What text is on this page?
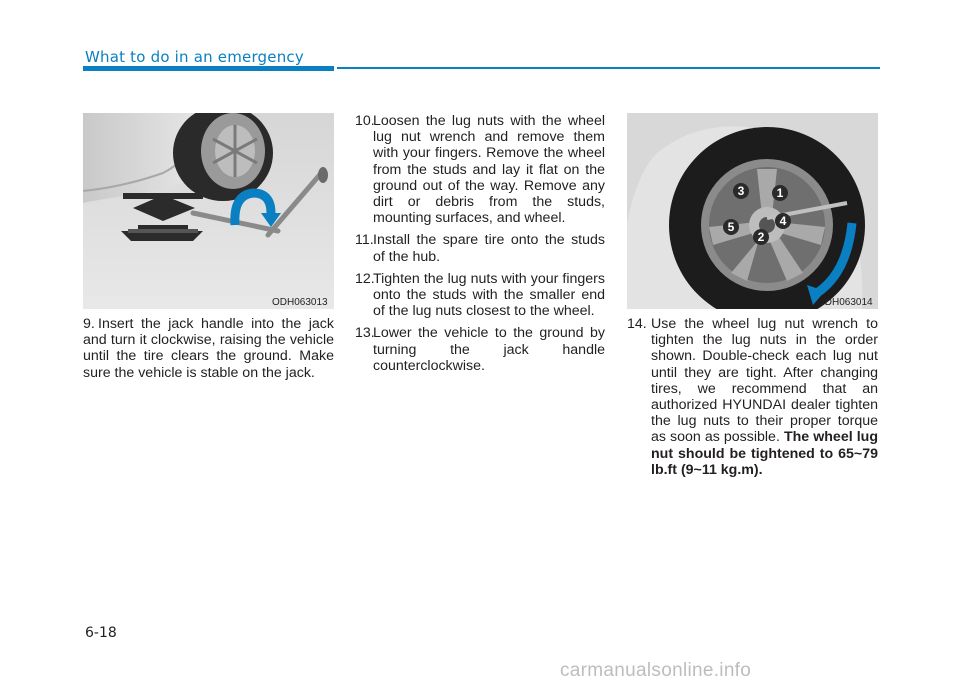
What to do in an emergency
ODH063013
1
2
3
4
5
ODH063014
9. Insert the jack handle into the jack and turn it clockwise, raising the vehicle until the tire clears the ground. Make sure the vehicle is stable on the jack.
10.
Loosen the lug nuts with the wheel lug nut wrench and remove them with your fingers. Remove the wheel from the studs and lay it flat on the ground out of the way. Remove any dirt or debris from the studs, mounting surfaces, and wheel.
11. Install the spare tire onto the studs of the hub.
12.
Tighten the lug nuts with your fingers onto the studs with the smaller end of the lug nuts closest to the wheel.
13.
Lower the vehicle to the ground by turning the jack handle counterclockwise.
14. Use the wheel lug nut wrench to tighten the lug nuts in the order shown. Double-check each lug nut until they are tight. After changing tires, we recommend that an authorized HYUNDAI dealer tighten the lug nuts to their proper torque as soon as possible. The wheel lug nut should be tightened to 65~79 lb.ft (9~11 kg.m).
6-18
carmanualsonline.info
